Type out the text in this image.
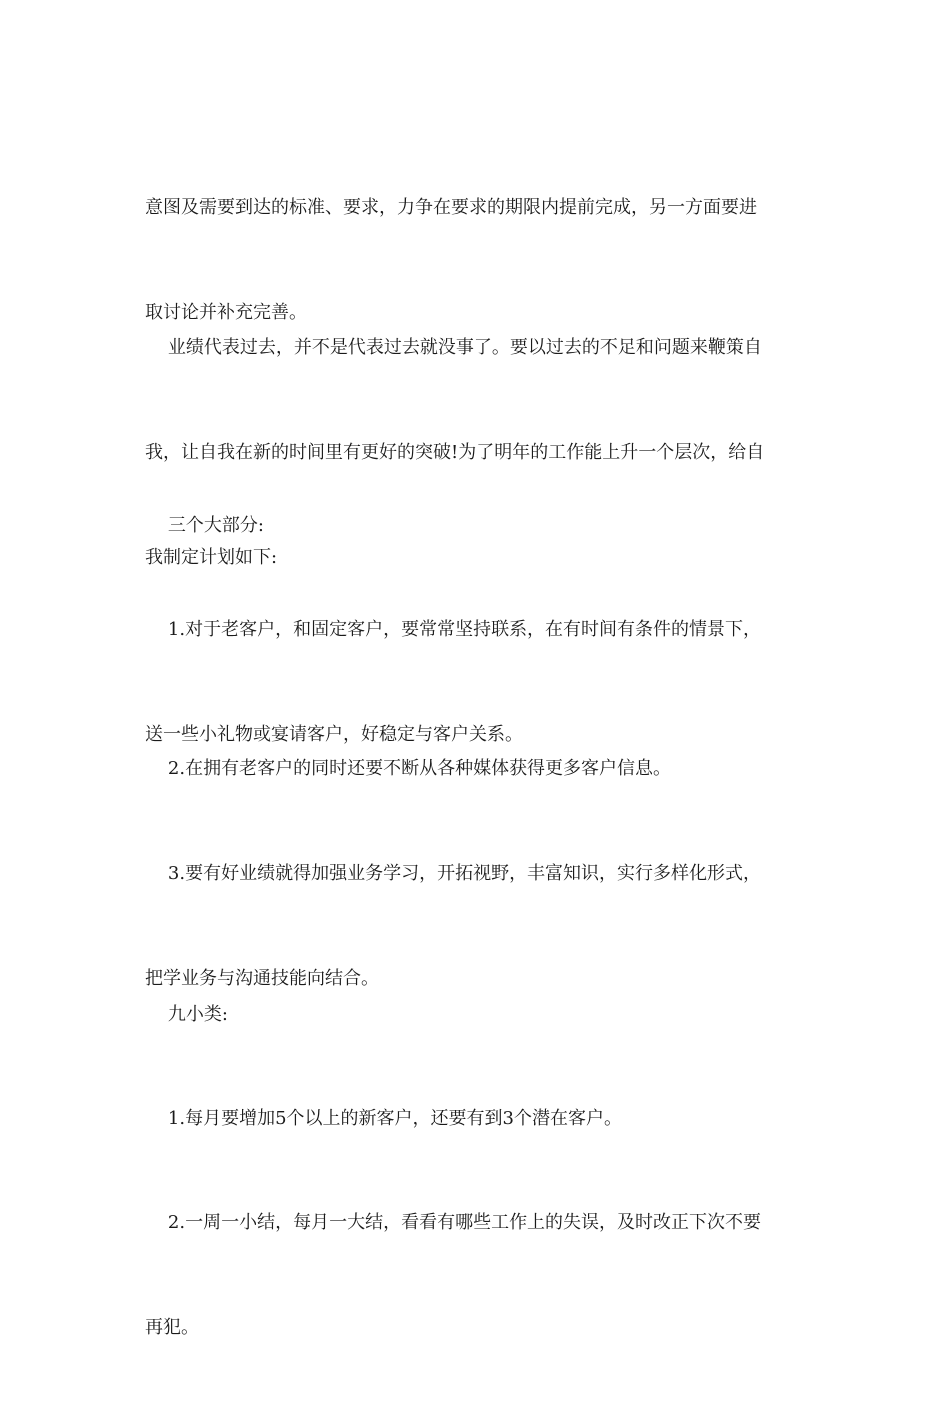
意图及需要到达的标准、要求，力争在要求的期限内提前完成，另一方面要进

取讨论并补充完善。

业绩代表过去，并不是代表过去就没事了。要以过去的不足和问题来鞭策自

我，让自我在新的时间里有更好的突破!为了明年的工作能上升一个层次，给自

我制定计划如下:

三个大部分:

1.对于老客户，和固定客户，要常常坚持联系，在有时间有条件的情景下，

送一些小礼物或宴请客户，好稳定与客户关系。

2.在拥有老客户的同时还要不断从各种媒体获得更多客户信息。

3.要有好业绩就得加强业务学习，开拓视野，丰富知识，实行多样化形式，

把学业务与沟通技能向结合。

九小类:

1.每月要增加5个以上的新客户，还要有到3个潜在客户。

2.一周一小结，每月一大结，看看有哪些工作上的失误，及时改正下次不要

再犯。
